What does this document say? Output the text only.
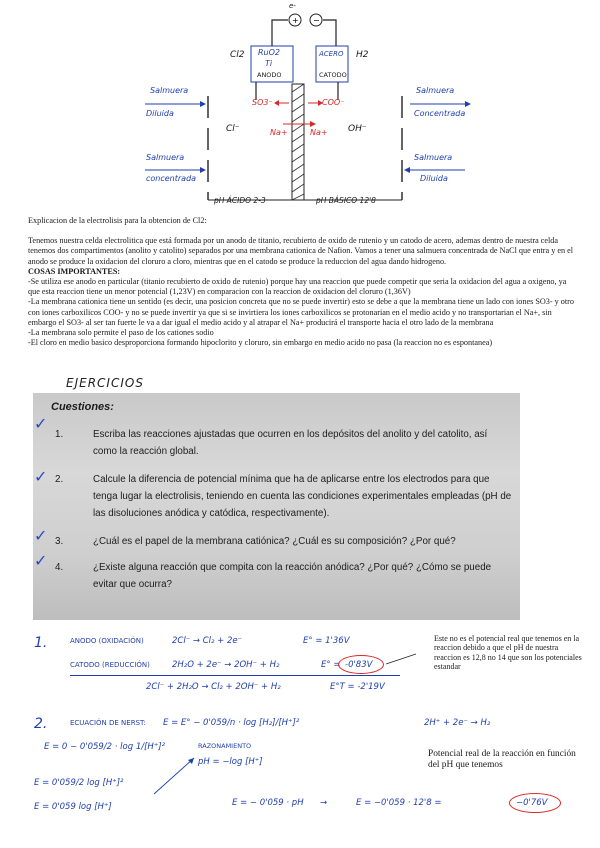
+ −
e-
Cl2	H2
RuO2
Ti
ANODO
ACERO
CATODO
Salmuera
Diluida
Salmuera
Concentrada
Salmuera
concentrada
Salmuera
Diluida
Cl⁻	OH⁻
SO3⁻	COO⁻
Na+	Na+
pH ÁCIDO 2-3	pH BÁSICO 12'8

Explicacion de la electrolisis para la obtencion de Cl2:

Tenemos nuestra celda electrolitica que está formada por un anodo de titanio, recubierto de oxido de rutenio y un catodo de acero, ademas dentro de nuestra celda tenemos dos compartimentos (anolito y catolito) separados por una membrana cationica de Nafion. Vamos a tener una salmuera concentrada de NaCl que entra y en el anodo se produce la oxidacion del cloruro a cloro, mientras que en el catodo se produce la reduccion del agua dando hidrogeno.

COSAS IMPORTANTES:

-Se utiliza ese anodo en particular (titanio recubierto de oxido de rutenio) porque hay una reaccion que puede competir que seria la oxidacion del agua a oxigeno, ya que esta reaccion tiene un menor potencial (1,23V) en comparacion con la reaccion de oxidacion del cloruro (1,36V)

-La membrana cationica tiene un sentido (es decir, una posicion concreta que no se puede invertir) esto se debe a que la membrana tiene un lado con iones SO3- y otro con iones carboxilicos COO- y no se puede invertir ya que si se invirtiera los iones carboxilicos se protonarian en el medio acido y no transportarian el Na+, sin embargo el SO3- al ser tan fuerte le va a dar igual el medio acido y al atrapar el Na+ producirá el transporte hacia el otro lado de la membrana

-La membrana solo permite el paso de los cationes sodio

-El cloro en medio basico desproporciona formando hipoclorito y cloruro, sin embargo en medio acido no pasa (la reaccion no es espontanea)

EJERCICIOS
Cuestiones:
1.	Escriba las reacciones ajustadas que ocurren en los depósitos del anolito y del catolito, así como la reacción global.
2.	Calcule la diferencia de potencial mínima que ha de aplicarse entre los electrodos para que tenga lugar la electrolisis, teniendo en cuenta las condiciones experimentales empleadas (pH de las disoluciones anódica y catódica, respectivamente).
3.	¿Cuál es el papel de la membrana catiónica? ¿Cuál es su composición? ¿Por qué?
4.	¿Existe alguna reacción que compita con la reacción anódica? ¿Por qué? ¿Cómo se puede evitar que ocurra?
✓
✓
✓
✓
1.	ANODO (OXIDACIÓN)	2Cl⁻ → Cl₂ + 2e⁻	E° = 1'36V
CATODO (REDUCCIÓN)	2H₂O + 2e⁻ → 2OH⁻ + H₂	E° = -0'83V
2Cl⁻ + 2H₂O → Cl₂ + 2OH⁻ + H₂	E°T = -2'19V
Este no es el potencial real que tenemos en la reaccion debido a que el pH de nuestra reaccion es 12,8 no 14 que son los potenciales estandar
2.	ECUACIÓN DE NERST: E = E° − 0'059/n · log [H₂]/[H⁺]²	2H⁺ + 2e⁻ → H₂
E = 0 − 0'059/2 · log 1/[H⁺]²	RAZONAMIENTO
pH = −log [H⁺]
E = 0'059/2 log [H⁺]²
E = 0'059 log [H⁺]	E = − 0'059 · pH →	E = −0'059 · 12'8 =	−0'76V
Potencial real de la reacción en función del pH que tenemos
